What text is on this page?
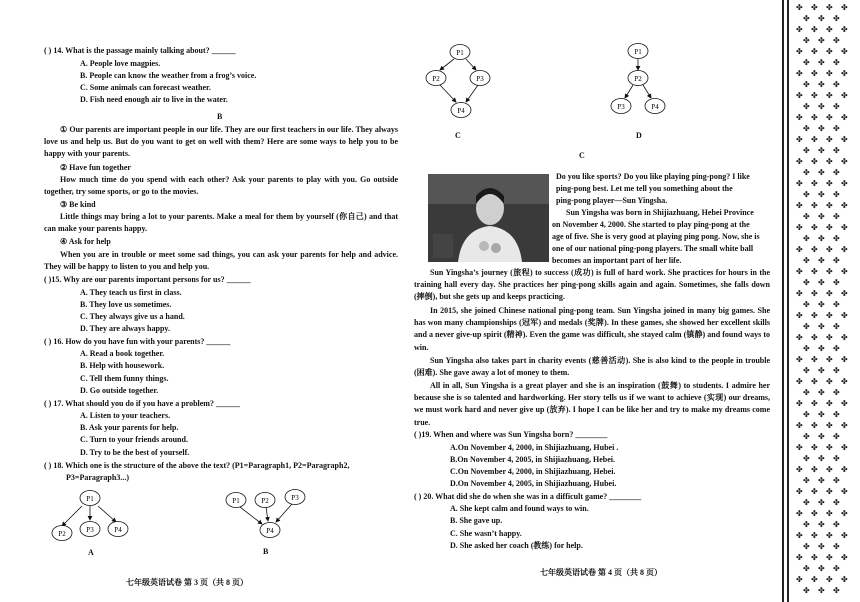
( ) 14. What is the passage mainly talking about? ______
A. People love magpies.
B. People can know the weather from a frog’s voice.
C. Some animals can forecast weather.
D. Fish need enough air to live in the water.
B
① Our parents are important people in our life. They are our first teachers in our life. They always love us and help us. But do you want to get on well with them? Here are some ways to help you to be happy with your parents.
② Have fun together
How much time do you spend with each other? Ask your parents to play with you. Go outside together, try some sports, or go to the movies.
③ Be kind
Little things may bring a lot to your parents. Make a meal for them by yourself (你自己) and that can make your parents happy.
④ Ask for help
When you are in trouble or meet some sad things, you can ask your parents for help and advice. They will be happy to listen to you and help you.
( )15. Why are our parents important persons for us? ______
A. They teach us first in class.
B. They love us sometimes.
C. They always give us a hand.
D. They are always happy.
( ) 16. How do you have fun with your parents? ______
A. Read a book together.
B. Help with housework.
C. Tell them funny things.
D. Go outside together.
( ) 17. What should you do if you have a problem? ______
A. Listen to your teachers.
B. Ask your parents for help.
C. Turn to your friends around.
D. Try to be the best of yourself.
( ) 18. Which one is the structure of the above the text? (P1=Paragraph1, P2=Paragraph2,
P3=Paragraph3...)
P1
P2	P3	P4
A
P1	P2	P3
P4
B
七年级英语试卷 第 3 页（共 8 页）
P1
P2	P3
P4
C
P1
P2
P3	P4
D
C
Do you like sports? Do you like playing ping-pong? I like
ping-pong best. Let me tell you something about the
ping-pong player—Sun Yingsha.
Sun Yingsha was born in Shijiazhuang, Hebei Province
on November 4, 2000. She started to play ping-pong at the
age of five. She is very good at playing ping pong. Now, she is
one of our national ping-pong players. The small white ball
becomes an important part of her life.
Sun Yingsha’s journey (旅程) to success (成功) is full of hard work. She practices for hours in the training hall every day. She practices her ping-pong skills again and again. Sometimes, she falls down (摔倒), but she gets up and keeps practicing.
In 2015, she joined Chinese national ping-pong team. Sun Yingsha joined in many big games. She has won many championships (冠军) and medals (奖牌). In these games, she showed her excellent skills and a never give-up spirit (精神). Even the game was difficult, she stayed calm (镇静) and found ways to win.
Sun Yingsha also takes part in charity events (慈善活动). She is also kind to the people in trouble (困难). She gave away a lot of money to them.
All in all, Sun Yingsha is a great player and she is an inspiration (鼓舞) to students. I admire her because she is so talented and hardworking. Her story tells us if we want to achieve (实现) our dreams, we must work hard and never give up (放弃). I hope I can be like her and try to make my dreams come true.
( )19. When and where was Sun Yingsha born? ________
A.On November 4, 2000, in Shijiazhuang, Hubei .
B.On November 4, 2005, in Shijiazhuang, Hebei.
C.On November 4, 2000, in Shijiazhuang, Hebei.
D.On November 4, 2005, in Shijiazhuang, Hubei.
( ) 20. What did she do when she was in a difficult game? ________
A. She kept calm and found ways to win.
B. She gave up.
C. She wasn’t happy.
D. She asked her coach (教练) for help.
七年级英语试卷 第 4 页（共 8 页）
✤ ✤ ✤ ✤
✤ ✤ ✤
✤ ✤ ✤ ✤
✤ ✤ ✤
✤ ✤ ✤ ✤
✤ ✤ ✤
✤ ✤ ✤ ✤
✤ ✤ ✤
✤ ✤ ✤ ✤
✤ ✤ ✤
✤ ✤ ✤ ✤
✤ ✤ ✤
✤ ✤ ✤ ✤
✤ ✤ ✤
✤ ✤ ✤ ✤
✤ ✤ ✤
✤ ✤ ✤ ✤
✤ ✤ ✤
✤ ✤ ✤ ✤
✤ ✤ ✤
✤ ✤ ✤ ✤
✤ ✤ ✤
✤ ✤ ✤ ✤
✤ ✤ ✤
✤ ✤ ✤ ✤
✤ ✤ ✤
✤ ✤ ✤ ✤
✤ ✤ ✤
✤ ✤ ✤ ✤
✤ ✤ ✤
✤ ✤ ✤ ✤
✤ ✤ ✤
✤ ✤ ✤ ✤
✤ ✤ ✤
✤ ✤ ✤ ✤
✤ ✤ ✤
✤ ✤ ✤ ✤
✤ ✤ ✤
✤ ✤ ✤ ✤
✤ ✤ ✤
✤ ✤ ✤ ✤
✤ ✤ ✤
✤ ✤ ✤ ✤
✤ ✤ ✤
✤ ✤ ✤ ✤
✤ ✤ ✤
✤ ✤ ✤ ✤
✤ ✤ ✤
✤ ✤ ✤ ✤
✤ ✤ ✤
✤ ✤ ✤ ✤
✤ ✤ ✤
✤ ✤ ✤ ✤
✤ ✤ ✤
